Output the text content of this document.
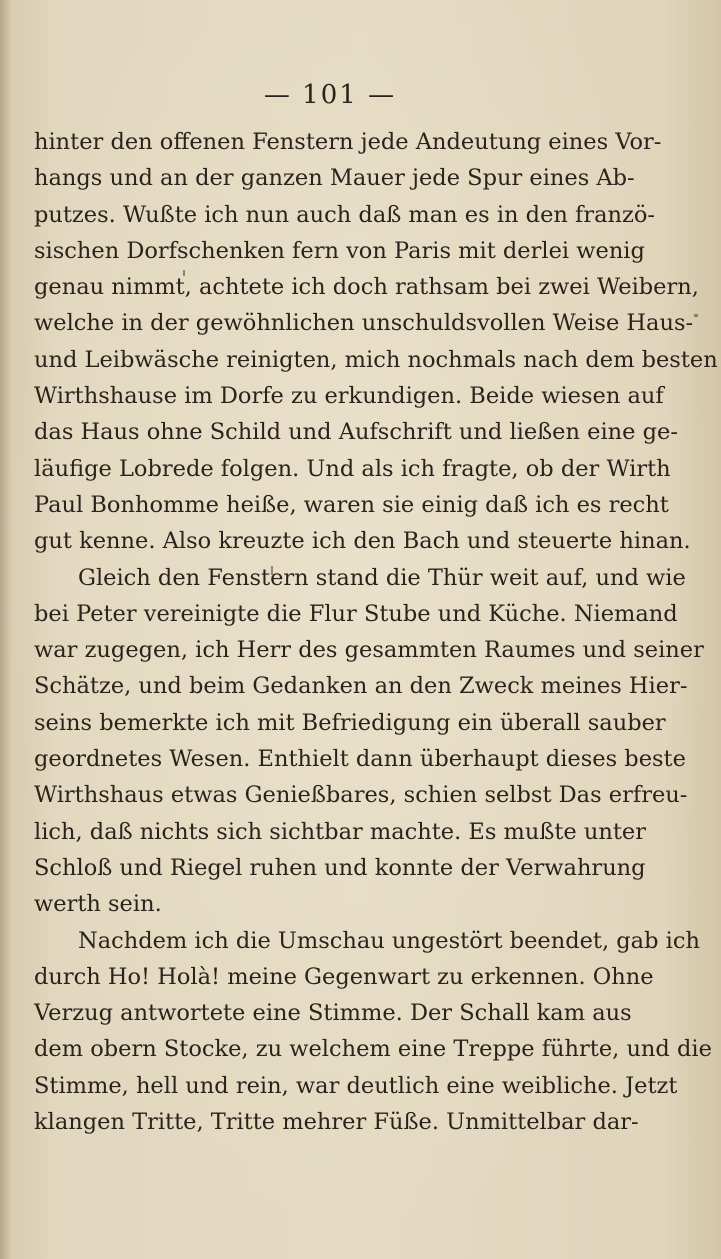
— 101 —
hinter den offenen Fenstern jede Andeutung eines Vor-
hangs und an der ganzen Mauer jede Spur eines Ab-
putzes. Wußte ich nun auch daß man es in den franzö-
sischen Dorfschenken fern von Paris mit derlei wenig
genau nimmt, achtete ich doch rathsam bei zwei Weibern,
welche in der gewöhnlichen unschuldsvollen Weise Haus-
und Leibwäsche reinigten, mich nochmals nach dem besten
Wirthshause im Dorfe zu erkundigen. Beide wiesen auf
das Haus ohne Schild und Aufschrift und ließen eine ge-
läufige Lobrede folgen. Und als ich fragte, ob der Wirth
Paul Bonhomme heiße, waren sie einig daß ich es recht
gut kenne. Also kreuzte ich den Bach und steuerte hinan.
Gleich den Fenstern stand die Thür weit auf, und wie
bei Peter vereinigte die Flur Stube und Küche. Niemand
war zugegen, ich Herr des gesammten Raumes und seiner
Schätze, und beim Gedanken an den Zweck meines Hier-
seins bemerkte ich mit Befriedigung ein überall sauber
geordnetes Wesen. Enthielt dann überhaupt dieses beste
Wirthshaus etwas Genießbares, schien selbst Das erfreu-
lich, daß nichts sich sichtbar machte. Es mußte unter
Schloß und Riegel ruhen und konnte der Verwahrung
werth sein.
Nachdem ich die Umschau ungestört beendet, gab ich
durch Ho! Holà! meine Gegenwart zu erkennen. Ohne
Verzug antwortete eine Stimme. Der Schall kam aus
dem obern Stocke, zu welchem eine Treppe führte, und die
Stimme, hell und rein, war deutlich eine weibliche. Jetzt
klangen Tritte, Tritte mehrer Füße. Unmittelbar dar-
